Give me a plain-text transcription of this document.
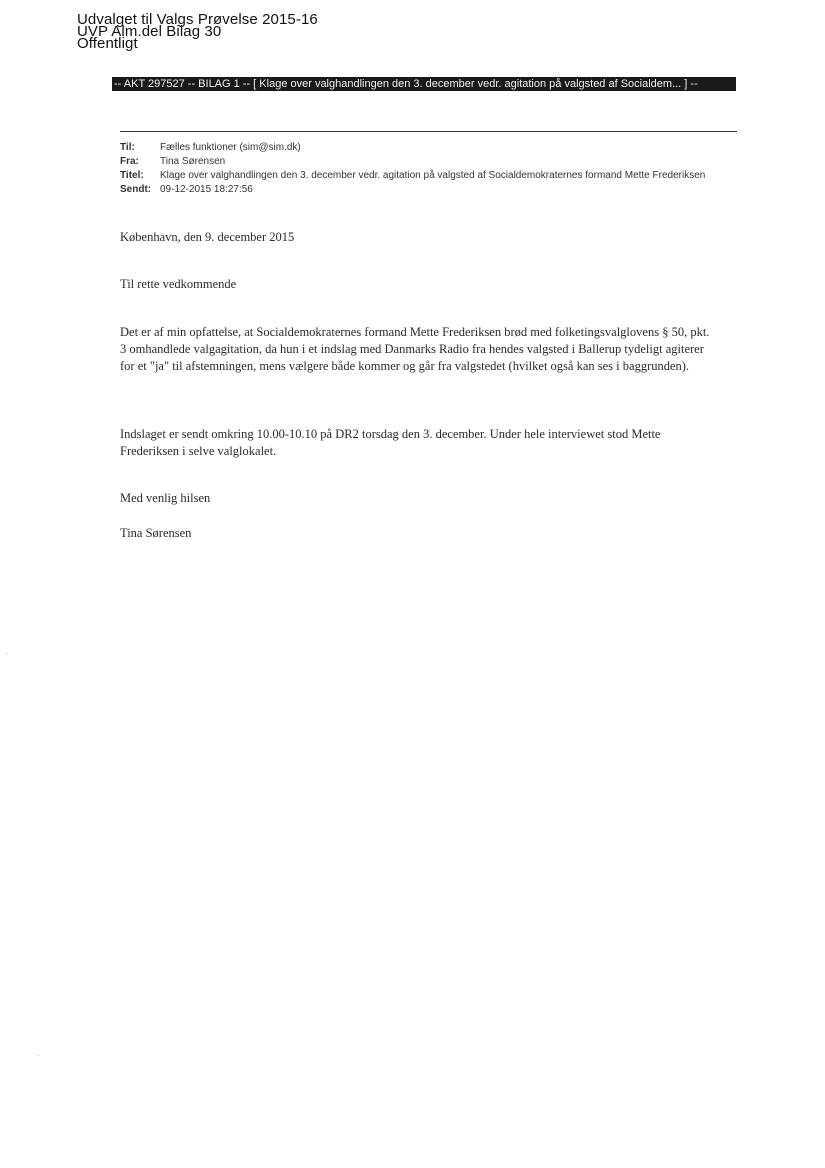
Udvalget til Valgs Prøvelse 2015-16
UVP Alm.del Bilag 30
Offentligt
-- AKT 297527 -- BILAG 1 -- [ Klage over valghandlingen den 3. december vedr. agitation på valgsted af Socialdem... ] --
Til:	Fælles funktioner (sim@sim.dk)
Fra:	Tina Sørensen
Titel:	Klage over valghandlingen den 3. december vedr. agitation på valgsted af Socialdemokraternes formand Mette Frederiksen
Sendt: 09-12-2015 18:27:56
København, den 9. december 2015
Til rette vedkommende
Det er af min opfattelse, at Socialdemokraternes formand Mette Frederiksen brød med folketingsvalglovens § 50, pkt. 3 omhandlede valgagitation, da hun i et indslag med Danmarks Radio fra hendes valgsted i Ballerup tydeligt agiterer for et "ja" til afstemningen, mens vælgere både kommer og går fra valgstedet (hvilket også kan ses i baggrunden).
Indslaget er sendt omkring 10.00-10.10 på DR2 torsdag den 3. december. Under hele interviewet stod Mette Frederiksen i selve valglokalet.
Med venlig hilsen
Tina Sørensen
